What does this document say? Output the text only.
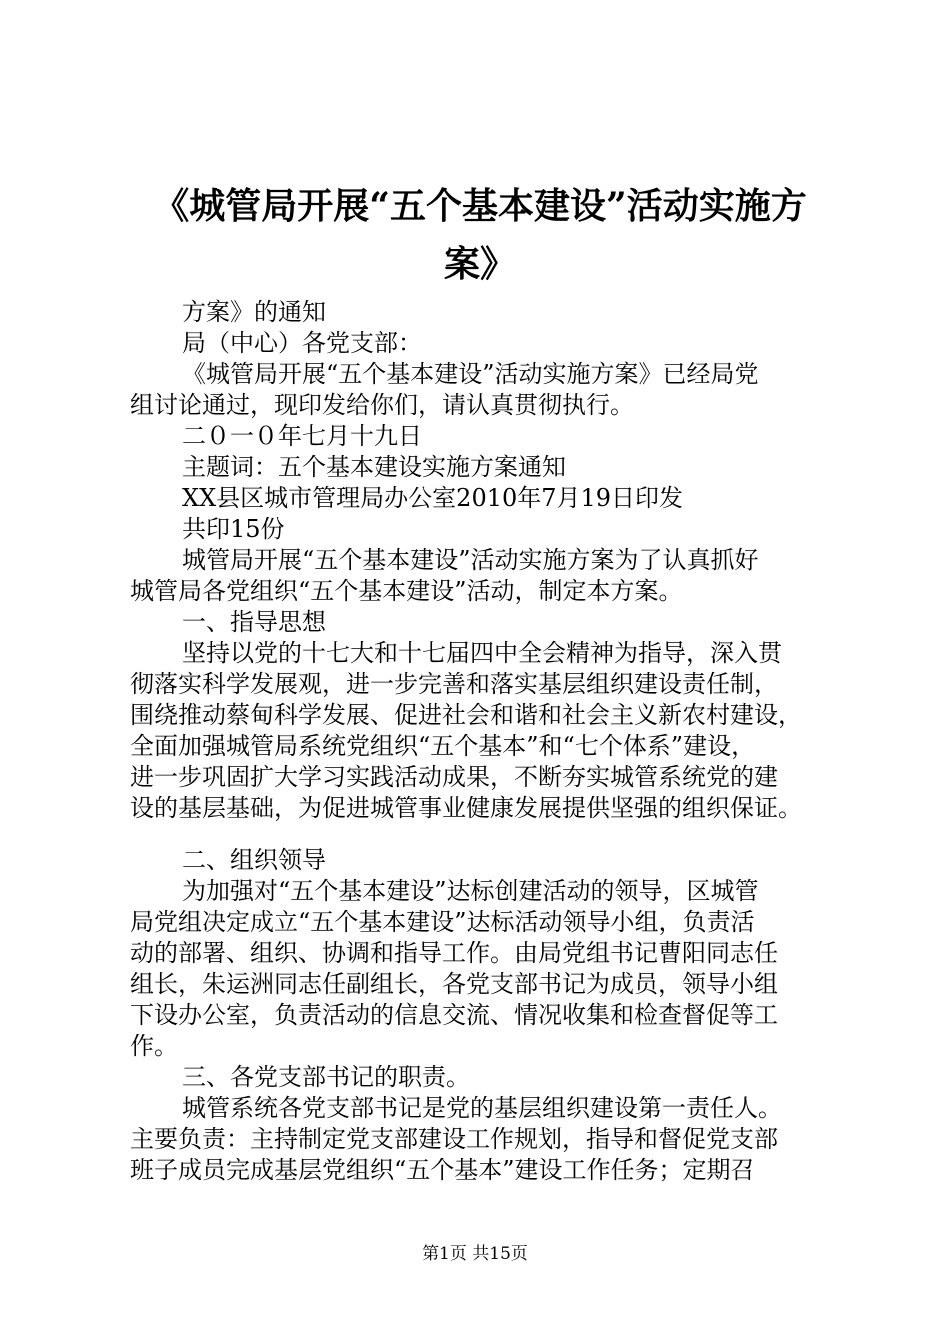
《城管局开展“五个基本建设”活动实施方
案》
方案》的通知
局（中心）各党支部：
《城管局开展“五个基本建设”活动实施方案》已经局党
组讨论通过，现印发给你们，请认真贯彻执行。
二０一０年七月十九日
主题词：五个基本建设实施方案通知
XX县区城市管理局办公室2010年7月19日印发
共印15份
城管局开展“五个基本建设”活动实施方案为了认真抓好
城管局各党组织“五个基本建设”活动，制定本方案。
一、指导思想
坚持以党的十七大和十七届四中全会精神为指导，深入贯
彻落实科学发展观，进一步完善和落实基层组织建设责任制，
围绕推动蔡甸科学发展、促进社会和谐和社会主义新农村建设，
全面加强城管局系统党组织“五个基本”和“七个体系”建设，
进一步巩固扩大学习实践活动成果，不断夯实城管系统党的建
设的基层基础，为促进城管事业健康发展提供坚强的组织保证。
二、组织领导
为加强对“五个基本建设”达标创建活动的领导，区城管
局党组决定成立“五个基本建设”达标活动领导小组，负责活
动的部署、组织、协调和指导工作。由局党组书记曹阳同志任
组长，朱运洲同志任副组长，各党支部书记为成员，领导小组
下设办公室，负责活动的信息交流、情况收集和检查督促等工
作。
三、各党支部书记的职责。
城管系统各党支部书记是党的基层组织建设第一责任人。
主要负责：主持制定党支部建设工作规划，指导和督促党支部
班子成员完成基层党组织“五个基本”建设工作任务；定期召
第1页 共15页
